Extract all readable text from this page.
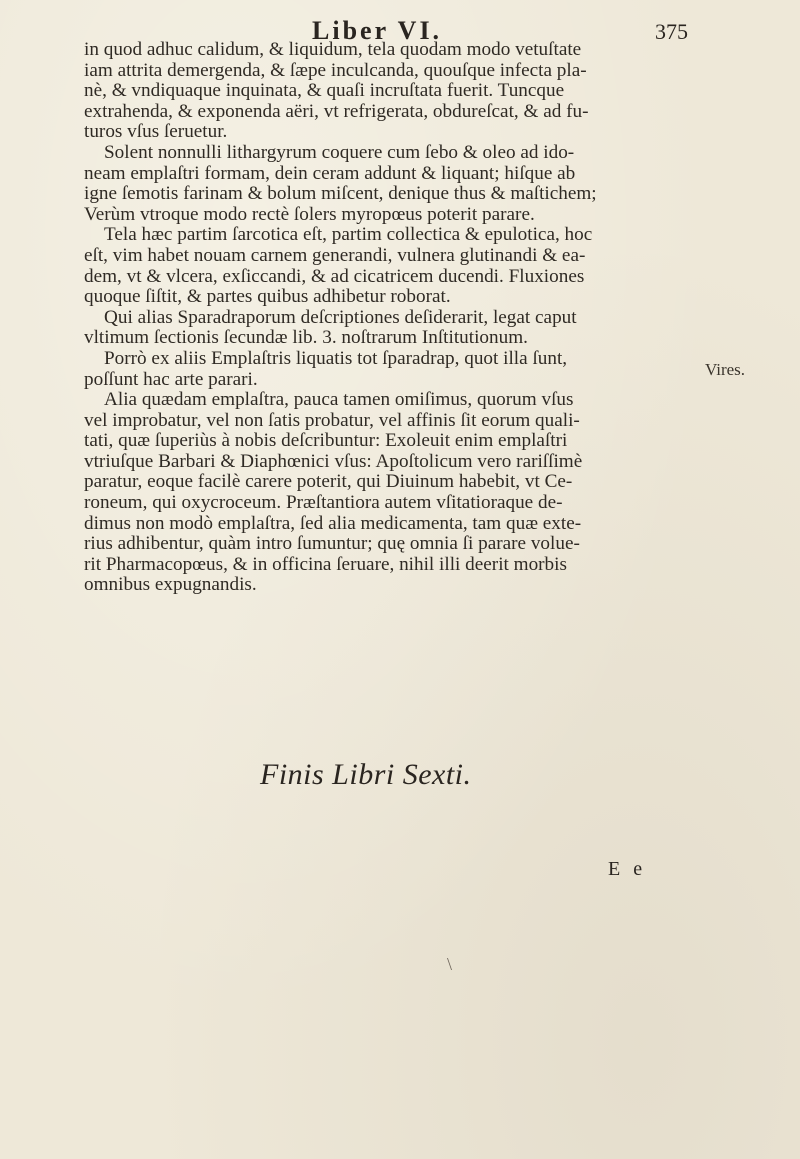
Liber VI.	375
in quod adhuc calidum, & liquidum, tela quodam modo vetuſtate
iam attrita demergenda, & ſæpe inculcanda, quouſque infecta pla-
nè, & vndiquaque inquinata, & quaſi incruſtata fuerit. Tuncque
extrahenda, & exponenda aëri, vt refrigerata, obdureſcat, & ad fu-
turos vſus ſeruetur.
Solent nonnulli lithargyrum coquere cum ſebo & oleo ad ido-
neam emplaſtri formam, dein ceram addunt & liquant; hiſque ab
igne ſemotis farinam & bolum miſcent, denique thus & maſtichem;
Verùm vtroque modo rectè ſolers myropœus poterit parare.
Tela hæc partim ſarcotica eſt, partim collectica & epulotica, hoc
eſt, vim habet nouam carnem generandi, vulnera glutinandi & ea-
dem, vt & vlcera, exſiccandi, & ad cicatricem ducendi. Fluxiones
quoque ſiſtit, & partes quibus adhibetur roborat.
Qui alias Sparadraporum deſcriptiones deſiderarit, legat caput
vltimum ſectionis ſecundæ lib. 3. noſtrarum Inſtitutionum.
Porrò ex aliis Emplaſtris liquatis tot ſparadrap, quot illa ſunt,
poſſunt hac arte parari.
Alia quædam emplaſtra, pauca tamen omiſimus, quorum vſus
vel improbatur, vel non ſatis probatur, vel affinis ſit eorum quali-
tati, quæ ſuperiùs à nobis deſcribuntur: Exoleuit enim emplaſtri
vtriuſque Barbari & Diaphœnici vſus: Apoſtolicum vero rariſſimè
paratur, eoque facilè carere poterit, qui Diuinum habebit, vt Ce-
roneum, qui oxycroceum. Præſtantiora autem vſitatioraque de-
dimus non modò emplaſtra, ſed alia medicamenta, tam quæ exte-
rius adhibentur, quàm intro ſumuntur; quę omnia ſi parare volue-
rit Pharmacopœus, & in officina ſeruare, nihil illi deerit morbis
omnibus expugnandis.
Vires.
Finis Libri Sexti.
E e
\
